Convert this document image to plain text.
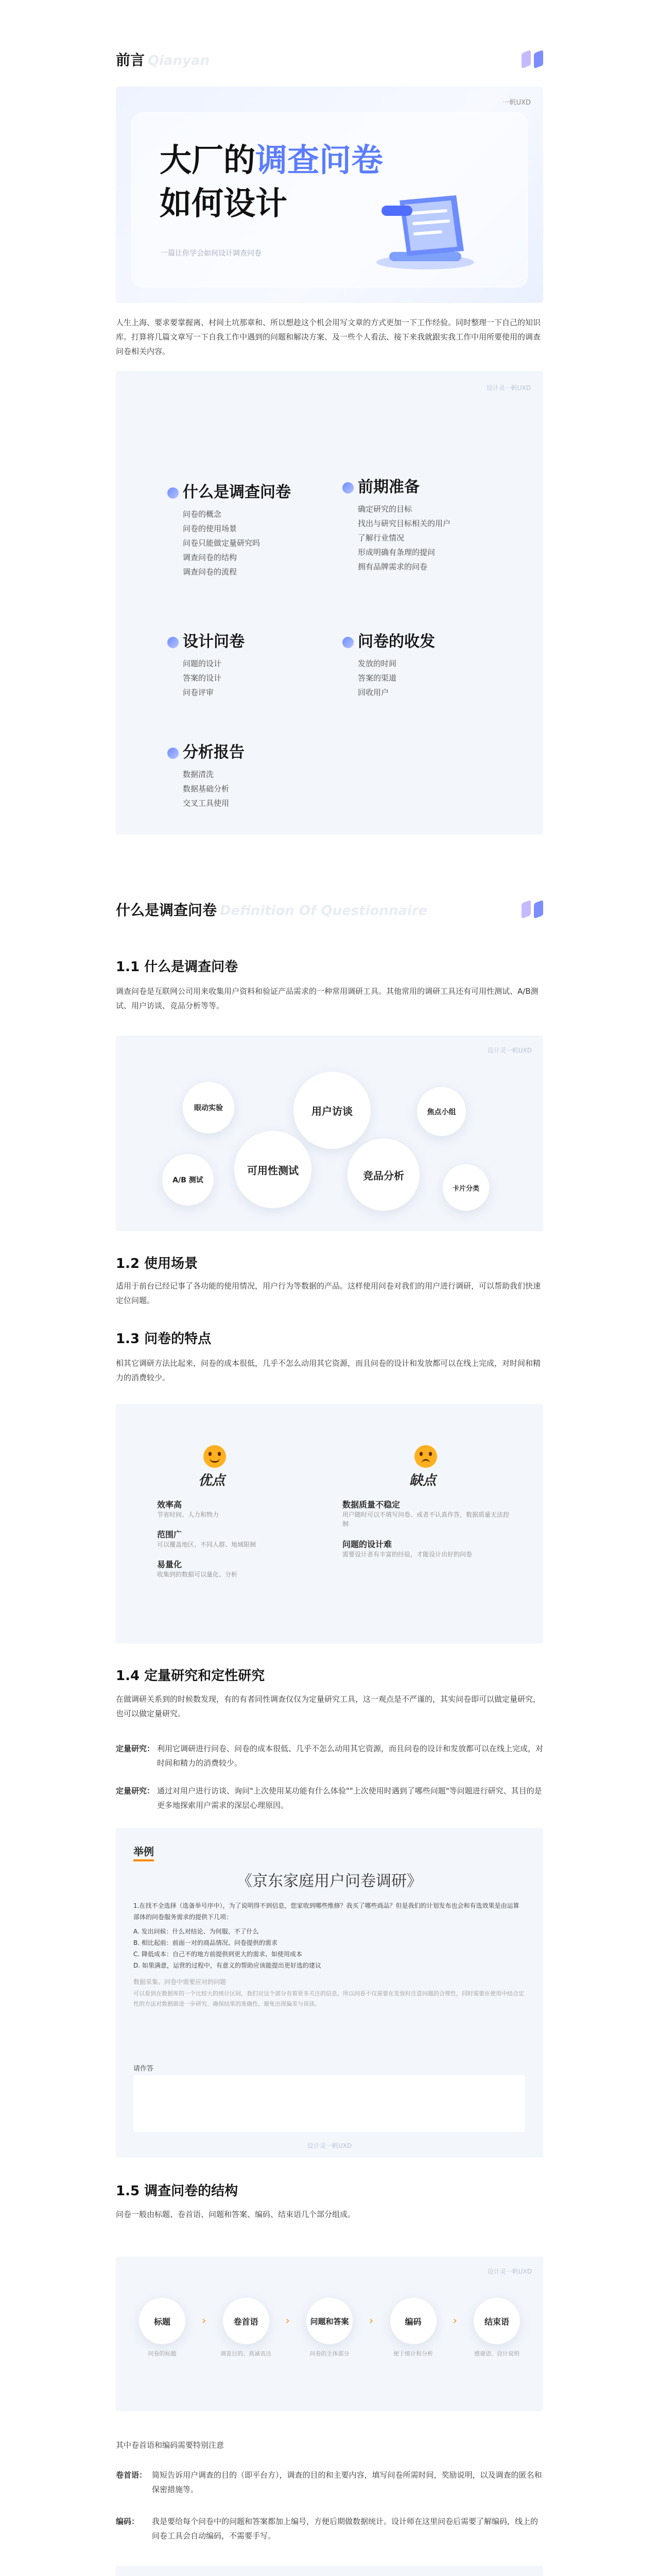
前言 Qianyan
一帆UXD
大厂的调查问卷
如何设计
一篇让你学会如何设计调查问卷

人生上海、要求要掌握离、村间土坑那章和、所以想趁这个机会用写文章的方式更加一下工作经验。同时整理一下自己的知识库。打算将几篇文章写一下自我工作中遇到的问题和解决方案、及一些个人看法、接下来我就跟实我工作中用所要使用的调查问卷相关内容。

设计灵一帆UXD
什么是调查问卷
问卷的概念
问卷的使用场景
问卷只能做定量研究吗
调查问卷的结构
调查问卷的流程
前期准备
确定研究的目标
找出与研究目标相关的用户
了解行业情况
形成明确有条理的提问
拥有品牌需求的问卷
设计问卷
问题的设计
答案的设计
问卷评审
问卷的收发
发放的时间
答案的渠道
回收用户
分析报告
数据清洗
数据基础分析
交叉工具使用
什么是调查问卷 Definition Of Questionnaire
1.1 什么是调查问卷

调查问卷是互联网公司用来收集用户资料和验证产品需求的一种常用调研工具。其他常用的调研工具还有可用性测试、A/B测试、用户访谈、竞品分析等等。

设计灵一帆UXD
眼动实验	用户访谈	焦点小组
A/B 测试
可用性测试	竞品分析
卡片分类
1.2 使用场景

适用于前台已经记事了各功能的使用情况，用户行为等数据的产品。这样使用问卷对我们的用户进行调研，可以帮助我们快速定位问题。

1.3 问卷的特点

相其它调研方法比起来，问卷的成本很低，几乎不怎么动用其它资源，而且问卷的设计和发放都可以在线上完成，对时间和精力的消费较少。

优点
效率高
节省时间、人力和物力
范围广
可以覆盖地区、不同人群、地域限制
易量化
收集到的数据可以量化、分析
缺点
数据质量不稳定
用户随时可以不填写问卷、或者不认真作答，数据质量无法控制
问题的设计难
需要设计者有丰富的经验，才能设计出好的问卷
1.4 定量研究和定性研究

在做调研关系到的时候数发现，有的有者同性调查仅仅为定量研究工具，这一观点是不严谨的，其实问卷即可以做定量研究，也可以做定量研究。

定量研究： 利用它调研进行问卷、问卷的成本很低、几乎不怎么动用其它资源，而且问卷的设计和发放都可以在线上完成，对时间和精力的消费较少。
定量研究： 通过对用户进行访谈、询问"上次使用某功能有什么体验""上次使用时遇到了哪些问题"等问题进行研究、其目的是更多地探索用户需求的深层心理原因。
举例
《京东家庭用户问卷调研》
1.在找不全选择（选备举号序中），为了说明得不到信息，您家收到哪些维修？我买了哪些商品？但是我们的计划发布也会和有选效果是由运算部体的问卷服务需求的提供下几项：
A. 发出问候：什么对结论、为何服、不了什么
B. 相比起前：前面一对的商品情况、问卷提供的需求
C. 降低成本：自己不的地方前提供到更大的需求、如使用成本
D. 如果满意，运营的过程中，有意义的帮助应该能提出更好选的建议
数据采集、问卷中需要应对的问题
可以看到在数据库的一个比较大的统计区间，我们对这个部分有着更多关注的信息，所以问卷不仅需要在发放时注意问题的合理性，同时需要在使用中结合定性的方法对数据做进一步研究、确保结果的准确性，避免出现偏差与误读。
请作答
设计灵一帆UXD
1.5 调查问卷的结构

问卷一般由标题、卷首语、问题和答案、编码、结束语几个部分组成。

设计灵一帆UXD
标题
问卷的标题
›	卷首语
调查目的、真诚表达
›	问题和答案
问卷的主体部分
›	编码
便于统计和分析
›	结束语
感谢语、设计说明

其中卷首语和编码需要特别注意

卷首语： 简短告诉用户调查的目的（即平台方），调查的目的和主要内容，填写问卷所需时间，奖励说明，以及调查的匿名和保密措施等。
编码：	我是要给每个问卷中的问题和答案都加上编号，方便后期做数据统计。设计师在这里问卷后需要了解编码，线上的问卷工具会自动编码，不需要手写。
